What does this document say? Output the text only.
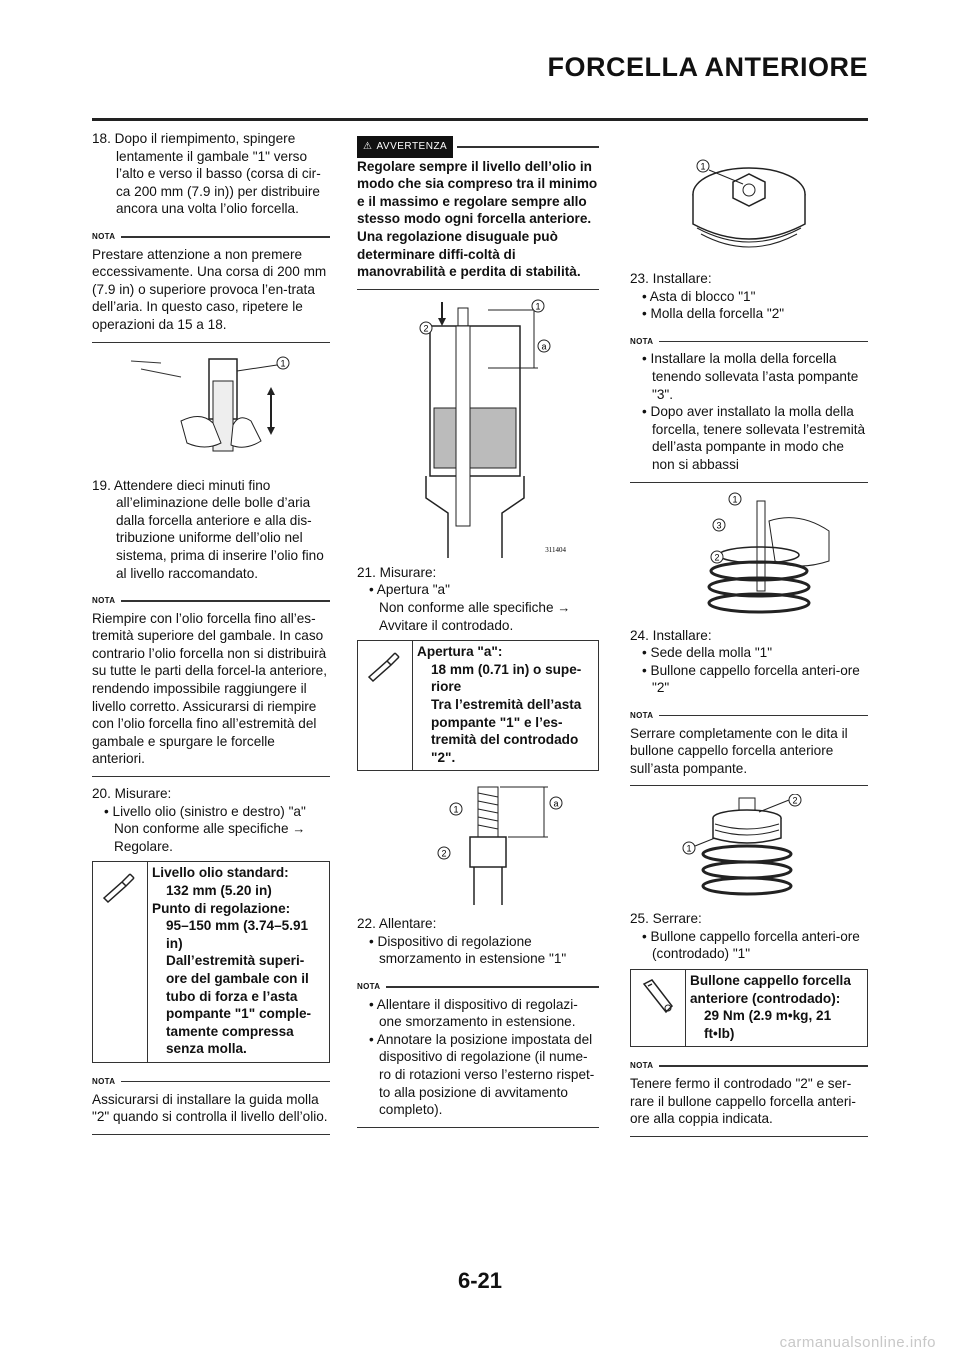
FORCELLA ANTERIORE

18. Dopo il riempimento, spingere lentamente il gambale "1" verso l’alto e verso il basso (corsa di cir-ca 200 mm (7.9 in)) per distribuire ancora una volta l’olio forcella.

NOTA
Prestare attenzione a non premere eccessivamente. Una corsa di 200 mm (7.9 in) o superiore provoca l’en-trata dell’aria. In questo caso, ripetere le operazioni da 15 a 18.
1

19. Attendere dieci minuti fino all’eliminazione delle bolle d’aria dalla forcella anteriore e alla dis-tribuzione uniforme dell’olio nel sistema, prima di inserire l’olio fino al livello raccomandato.

NOTA
Riempire con l’olio forcella fino all’es-tremità superiore del gambale. In caso contrario l’olio forcella non si distribuirà su tutte le parti della forcel-la anteriore, rendendo impossibile raggiungere il livello corretto. Assicurarsi di riempire con l’olio forcella fino all’estremità del gambale e spurgare le forcelle anteriori.

20. Misurare:

• Livello olio (sinistro e destro) "a"

Non conforme alle specifiche →
Regolare.

Livello olio standard:
132 mm (5.20 in)
Punto di regolazione:
95–150 mm (3.74–5.91 in)
Dall’estremità superi-ore del gambale con il tubo di forza e l’asta pompante "1" comple-tamente compressa senza molla.
NOTA
Assicurarsi di installare la guida molla "2" quando si controlla il livello dell’olio.
⚠ AVVERTENZA
Regolare sempre il livello dell’olio in modo che sia compreso tra il minimo e il massimo e regolare sempre allo stesso modo ogni forcella anteriore. Una regolazione disuguale può determinare diffi-coltà di manovrabilità e perdita di stabilità.
1
2
a
311404

21. Misurare:

• Apertura "a"

Non conforme alle specifiche →
Avvitare il controdado.

Apertura "a":
18 mm (0.71 in) o supe-riore
Tra l’estremità dell’asta pompante "1" e l’es-tremità del controdado "2".
1
2
a

22. Allentare:

• Dispositivo di regolazione smorzamento in estensione "1"

NOTA

• Allentare il dispositivo di regolazi-one smorzamento in estensione.

• Annotare la posizione impostata del dispositivo di regolazione (il nume-ro di rotazioni verso l’esterno rispet-to alla posizione di avvitamento completo).

1

23. Installare:

• Asta di blocco "1"

• Molla della forcella "2"

NOTA

• Installare la molla della forcella tenendo sollevata l’asta pompante "3".

• Dopo aver installato la molla della forcella, tenere sollevata l’estremità dell’asta pompante in modo che non si abbassi

1
3
2

24. Installare:

• Sede della molla "1"

• Bullone cappello forcella anteri-ore "2"

NOTA
Serrare completamente con le dita il bullone cappello forcella anteriore sull’asta pompante.
2
1

25. Serrare:

• Bullone cappello forcella anteri-ore (controdado) "1"

Bullone cappello forcella anteriore (controdado):
29 Nm (2.9 m•kg, 21 ft•lb)
NOTA
Tenere fermo il controdado "2" e ser-rare il bullone cappello forcella anteri-ore alla coppia indicata.
6-21
carmanualsonline.info
